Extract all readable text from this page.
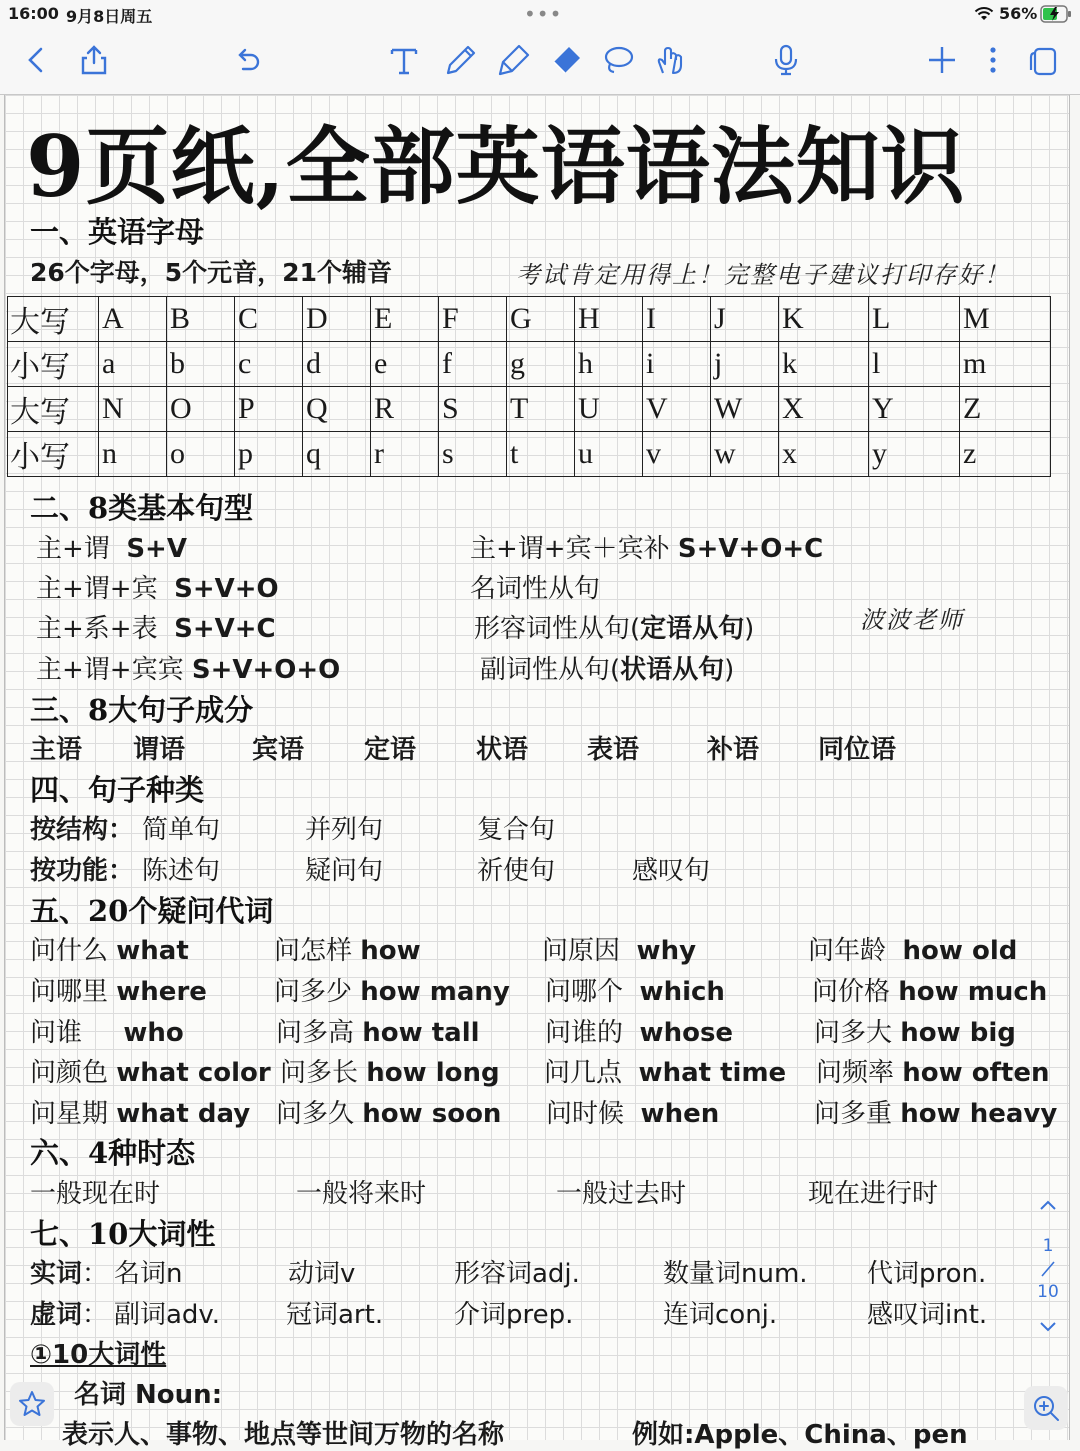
16:00 9月8日周五	•••	56%
9页纸,全部英语语法知识
一、英语字母
26个字母，5个元音，21个辅音	考试肯定用得上！完整电子建议打印存好！
大写	A	B	C	D	E	F	G	H	I	J	K	L	M
小写	a	b	c	d	e	f	g	h	i	j	k	l	m
大写	N	O	P	Q	R	S	T	U	V	W	X	Y	Z
小写	n	o	p	q	r	s	t	u	v	w	x	y	z
二、8类基本句型
主+谓 S+V
主+谓+宾 S+V+O
主+系+表 S+V+C
主+谓+宾宾 S+V+O+O
主+谓+宾＋宾补 S+V+O+C
名词性从句
形容词性从句(定语从句)
副词性从句(状语从句)
波波老师
三、8大句子成分
主语 谓语	宾语 定语 状语 表语	补语 同位语
四、句子种类
按结构： 简单句	并列句	复合句
按功能： 陈述句	疑问句	祈使句	感叹句
五、20个疑问代词
问什么 what	问怎样 how	问原因 why	问年龄 how old
问哪里 where	问多少 how many 问哪个 which	问价格 how much
问谁 who	问多高 how tall	问谁的 whose	问多大 how big
问颜色 what color 问多长 how long 问几点 what time 问频率 how often
问星期 what day 问多久 how soon 问时候 when	问多重 how heavy
六、4种时态
一般现在时	一般将来时	一般过去时	现在进行时
七、10大词性
实词： 名词n	动词v	形容词adj.	数量词num. 代词pron.
虚词： 副词adv.	冠词art.	介词prep.	连词conj.	感叹词int.
①10大词性
名词 Noun:
表示人、事物、地点等世间万物的名称	例如:Apple、China、pen
1
10
